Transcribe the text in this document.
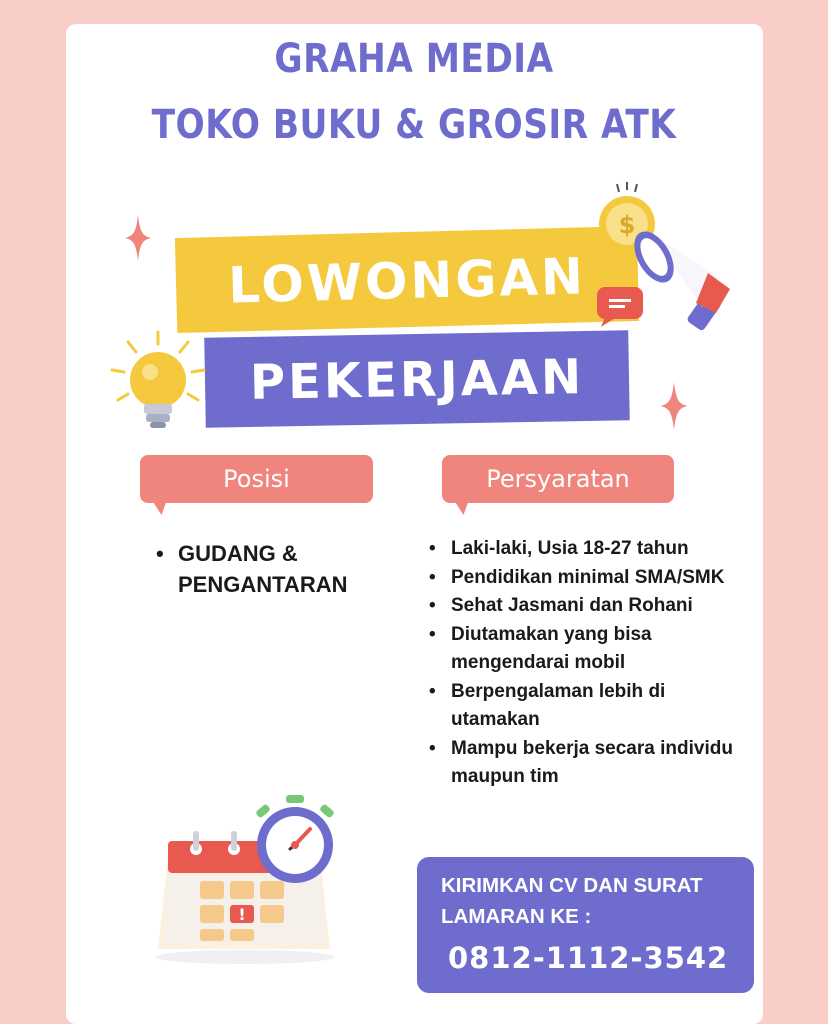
GRAHA MEDIA
TOKO BUKU & GROSIR ATK
LOWONGAN
PEKERJAAN
$
Posisi	Persyaratan
• GUDANG & PENGANTARAN
• Laki-laki, Usia 18-27 tahun
• Pendidikan minimal SMA/SMK
• Sehat Jasmani dan Rohani
• Diutamakan yang bisa mengendarai mobil
• Berpengalaman lebih di utamakan
• Mampu bekerja secara individu maupun tim
!
KIRIMKAN CV DAN SURAT LAMARAN KE :
0812-1112-3542
